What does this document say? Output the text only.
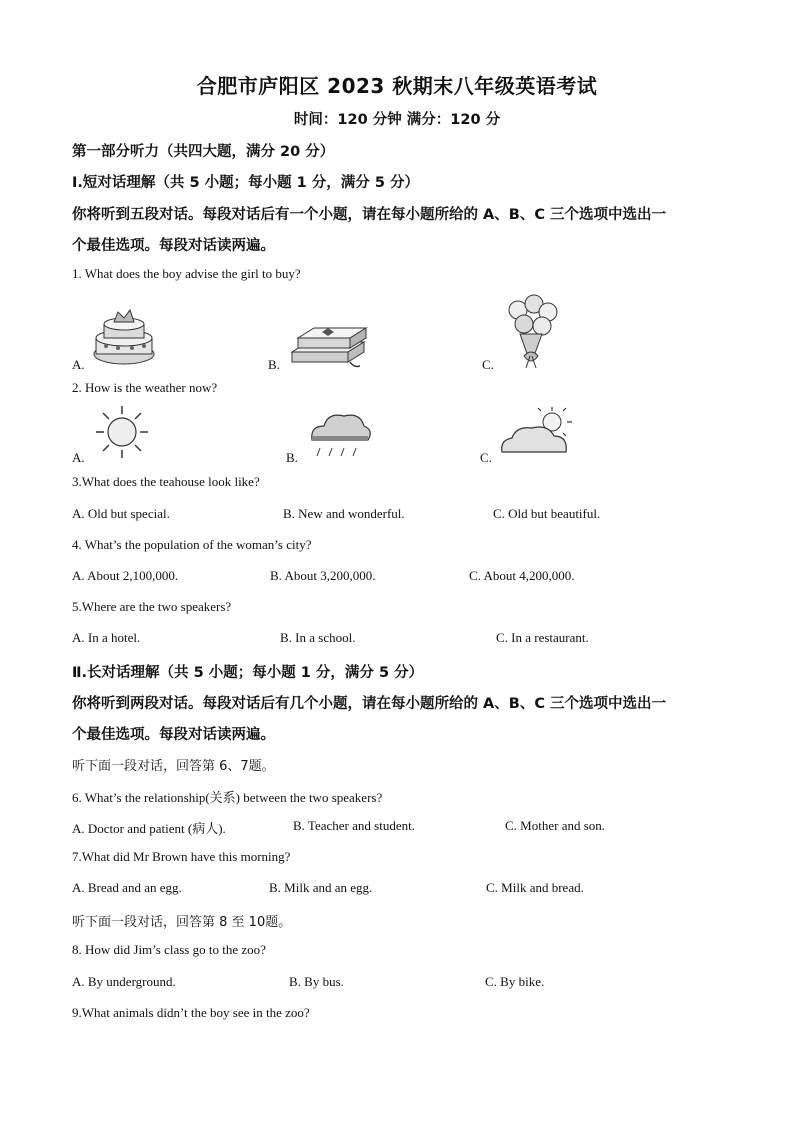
合肥市庐阳区 2023 秋期末八年级英语考试
时间：120 分钟 满分：120 分
第一部分听力（共四大题，满分 20 分）
Ⅰ.短对话理解（共 5 小题；每小题 1 分，满分 5 分）
你将听到五段对话。每段对话后有一个小题，请在每小题所给的 A、B、C 三个选项中选出一
个最佳选项。每段对话读两遍。
1. What does the boy advise the girl to buy?
A.	B.	C.
2. How is the weather now?
A.	B.	C.
3.What does the teahouse look like?
A. Old but special.	B. New and wonderful.	C. Old but beautiful.
4. What’s the population of the woman’s city?
A. About 2,100,000.	B. About 3,200,000.	C. About 4,200,000.
5.Where are the two speakers?
A. In a hotel.	B. In a school.	C. In a restaurant.
Ⅱ.长对话理解（共 5 小题；每小题 1 分，满分 5 分）
你将听到两段对话。每段对话后有几个小题，请在每小题所给的 A、B、C 三个选项中选出一
个最佳选项。每段对话读两遍。
听下面一段对话，回答第 6、7题。
6. What’s the relationship(关系) between the two speakers?
A. Doctor and patient (病人).	B. Teacher and student.	C. Mother and son.
7.What did Mr Brown have this morning?
A. Bread and an egg.	B. Milk and an egg.	C. Milk and bread.
听下面一段对话，回答第 8 至 10题。
8. How did Jim’s class go to the zoo?
A. By underground.	B. By bus.	C. By bike.
9.What animals didn’t the boy see in the zoo?
